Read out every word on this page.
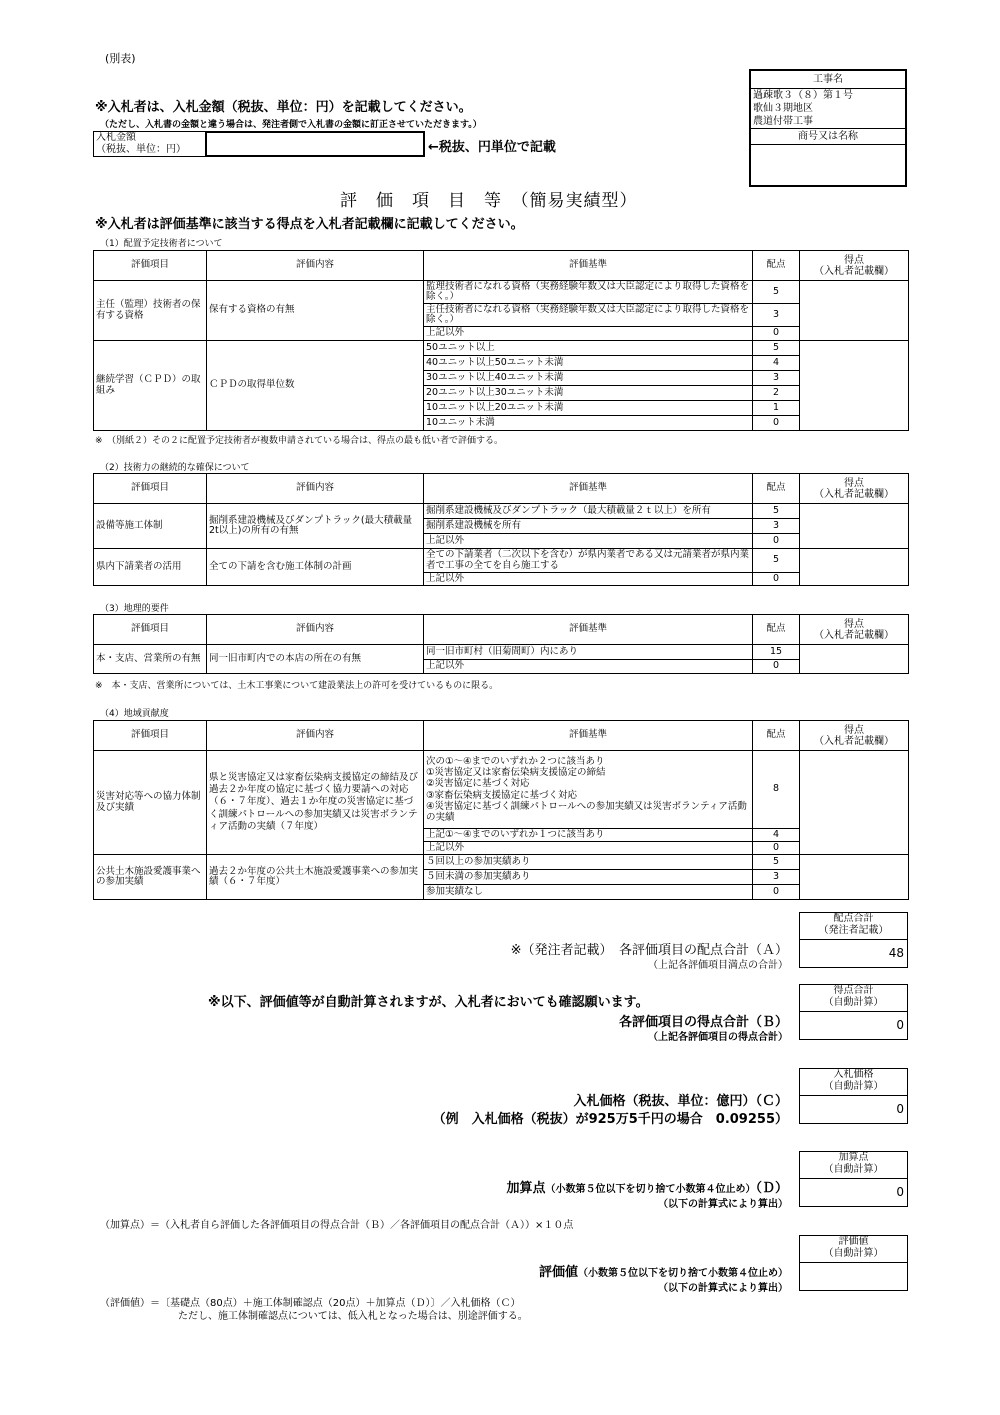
(別表)
※入札者は、入札金額（税抜、単位：円）を記載してください。
（ただし、入札書の金額と違う場合は、発注者側で入札書の金額に訂正させていただきます。）
入札金額
（税抜、単位：円）	←税抜、円単位で記載
工事名
過疎歌３（８）第１号
歌仙３期地区
農道付帯工事
商号又は名称
評　価　項　目　等　（簡易実績型）
※入札者は評価基準に該当する得点を入札者記載欄に記載してください。
（1）配置予定技術者について
評価項目	評価内容	評価基準	配点	得点
（入札者記載欄）

主任（監理）技術者の保有する資格	保有する資格の有無	監理技術者になれる資格（実務経験年数又は大臣認定により取得した資格を除く。）	5	
		主任技術者になれる資格（実務経験年数又は大臣認定により取得した資格を除く。）	3	
		上記以外	0	
継続学習（ＣＰＤ）の取組み	ＣＰＤの取得単位数	50ユニット以上	5	
		40ユニット以上50ユニット未満	4	
		30ユニット以上40ユニット未満	3	
		20ユニット以上30ユニット未満	2	
		10ユニット以上20ユニット未満	1	
		10ユニット未満	0	
※　（別紙２）その２に配置予定技術者が複数申請されている場合は、得点の最も低い者で評価する。
（2）技術力の継続的な確保について
評価項目	評価内容	評価基準	配点	得点
（入札者記載欄）

設備等施工体制	掘削系建設機械及びダンプトラック(最大積載量2t以上)の所有の有無	掘削系建設機械及びダンプトラック（最大積載量２ｔ以上）を所有	5	
		掘削系建設機械を所有	3	
		上記以外	0	
県内下請業者の活用	全ての下請を含む施工体制の計画	全ての下請業者（二次以下を含む）が県内業者である又は元請業者が県内業者で工事の全てを自ら施工する	5	
		上記以外	0	
（3）地理的要件
評価項目	評価内容	評価基準	配点	得点
（入札者記載欄）

本・支店、営業所の有無	同一旧市町内での本店の所在の有無	同一旧市町村（旧菊間町）内にあり	15	
		上記以外	0	
※　本・支店、営業所については、土木工事業について建設業法上の許可を受けているものに限る。
（4）地域貢献度
評価項目	評価内容	評価基準	配点	得点
（入札者記載欄）

災害対応等への協力体制及び実績	県と災害協定又は家畜伝染病支援協定の締結及び過去２か年度の協定に基づく協力要請への対応（６・７年度）、過去１か年度の災害協定に基づく訓練パトロールへの参加実績又は災害ボランティア活動の実績（７年度）	次の①～④までのいずれか２つに該当あり
①災害協定又は家畜伝染病支援協定の締結
②災害協定に基づく対応
③家畜伝染病支援協定に基づく対応
④災害協定に基づく訓練パトロールへの参加実績又は災害ボランティア活動の実績	8	
		上記①～④までのいずれか１つに該当あり	4	
		上記以外	0	
公共土木施設愛護事業への参加実績	過去２か年度の公共土木施設愛護事業への参加実績（６・７年度）	５回以上の参加実績あり	5	
		５回未満の参加実績あり	3	
		参加実績なし	0	
配点合計
（発注者記載）
48
※（発注者記載）　各評価項目の配点合計（Ａ）
（上記各評価項目満点の合計）
※以下、評価値等が自動計算されますが、入札者においても確認願います。
得点合計
（自動計算）
0
各評価項目の得点合計（Ｂ）
（上記各評価項目の得点合計）
入札価格
（自動計算）
0
入札価格（税抜、単位：億円）（Ｃ）
（例　入札価格（税抜）が925万5千円の場合　0.09255）
加算点
（自動計算）
0
加算点（小数第５位以下を切り捨て小数第４位止め）（Ｄ）
（以下の計算式により算出）
（加算点）＝（入札者自ら評価した各評価項目の得点合計（Ｂ）／各評価項目の配点合計（Ａ））×１０点
評価値
（自動計算）
評価値（小数第５位以下を切り捨て小数第４位止め）
（以下の計算式により算出）
（評価値）＝〔基礎点（80点）＋施工体制確認点（20点）＋加算点（Ｄ）〕／入札価格（Ｃ）
ただし、施工体制確認点については、低入札となった場合は、別途評価する。
